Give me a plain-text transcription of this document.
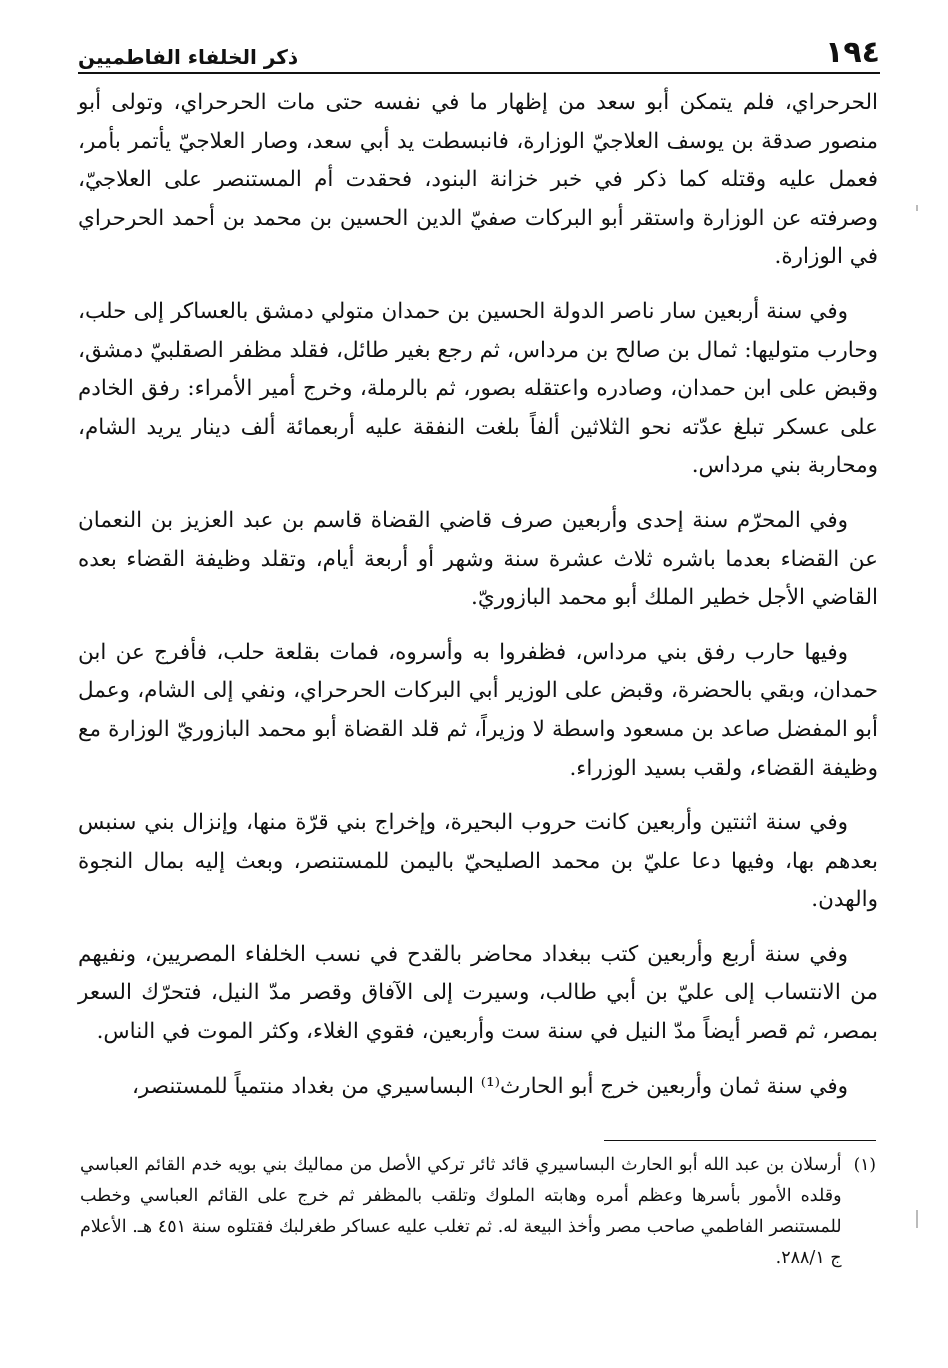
١٩٤
ذكر الخلفاء الفاطميين

الحرحراي، فلم يتمكن أبو سعد من إظهار ما في نفسه حتى مات الحرحراي، وتولى أبو منصور صدقة بن يوسف العلاجيّ الوزارة، فانبسطت يد أبي سعد، وصار العلاجيّ يأتمر بأمر، فعمل عليه وقتله كما ذكر في خبر خزانة البنود، فحقدت أم المستنصر على العلاجيّ، وصرفته عن الوزارة واستقر أبو البركات صفيّ الدين الحسين بن محمد بن أحمد الحرحراي في الوزارة.

وفي سنة أربعين سار ناصر الدولة الحسين بن حمدان متولي دمشق بالعساكر إلى حلب، وحارب متوليها: ثمال بن صالح بن مرداس، ثم رجع بغير طائل، فقلد مظفر الصقلبيّ دمشق، وقبض على ابن حمدان، وصادره واعتقله بصور، ثم بالرملة، وخرج أمير الأمراء: رفق الخادم على عسكر تبلغ عدّته نحو الثلاثين ألفاً بلغت النفقة عليه أربعمائة ألف دينار يريد الشام، ومحاربة بني مرداس.

وفي المحرّم سنة إحدى وأربعين صرف قاضي القضاة قاسم بن عبد العزيز بن النعمان عن القضاء بعدما باشره ثلاث عشرة سنة وشهر أو أربعة أيام، وتقلد وظيفة القضاء بعده القاضي الأجل خطير الملك أبو محمد البازوريّ.

وفيها حارب رفق بني مرداس، فظفروا به وأسروه، فمات بقلعة حلب، فأفرج عن ابن حمدان، وبقي بالحضرة، وقبض على الوزير أبي البركات الحرحراي، ونفي إلى الشام، وعمل أبو المفضل صاعد بن مسعود واسطة لا وزيراً، ثم قلد القضاة أبو محمد البازوريّ الوزارة مع وظيفة القضاء، ولقب بسيد الوزراء.

وفي سنة اثنتين وأربعين كانت حروب البحيرة، وإخراج بني قرّة منها، وإنزال بني سنبس بعدهم بها، وفيها دعا عليّ بن محمد الصليحيّ باليمن للمستنصر، وبعث إليه بمال النجوة والهدن.

وفي سنة أربع وأربعين كتب ببغداد محاضر بالقدح في نسب الخلفاء المصريين، ونفيهم من الانتساب إلى عليّ بن أبي طالب، وسيرت إلى الآفاق وقصر مدّ النيل، فتحرّك السعر بمصر، ثم قصر أيضاً مدّ النيل في سنة ست وأربعين، فقوي الغلاء، وكثر الموت في الناس.

وفي سنة ثمان وأربعين خرج أبو الحارث⁽¹⁾ البساسيري من بغداد منتمياً للمستنصر،

(١)
أرسلان بن عبد الله أبو الحارث البساسيري قائد ثائر تركي الأصل من مماليك بني بويه خدم القائم العباسي وقلده الأمور بأسرها وعظم أمره وهابته الملوك وتلقب بالمظفر ثم خرج على القائم العباسي وخطب للمستنصر الفاطمي صاحب مصر وأخذ البيعة له. ثم تغلب عليه عساكر طغرلبك فقتلوه سنة ٤٥١ هـ. الأعلام ج ٢٨٨/١.
